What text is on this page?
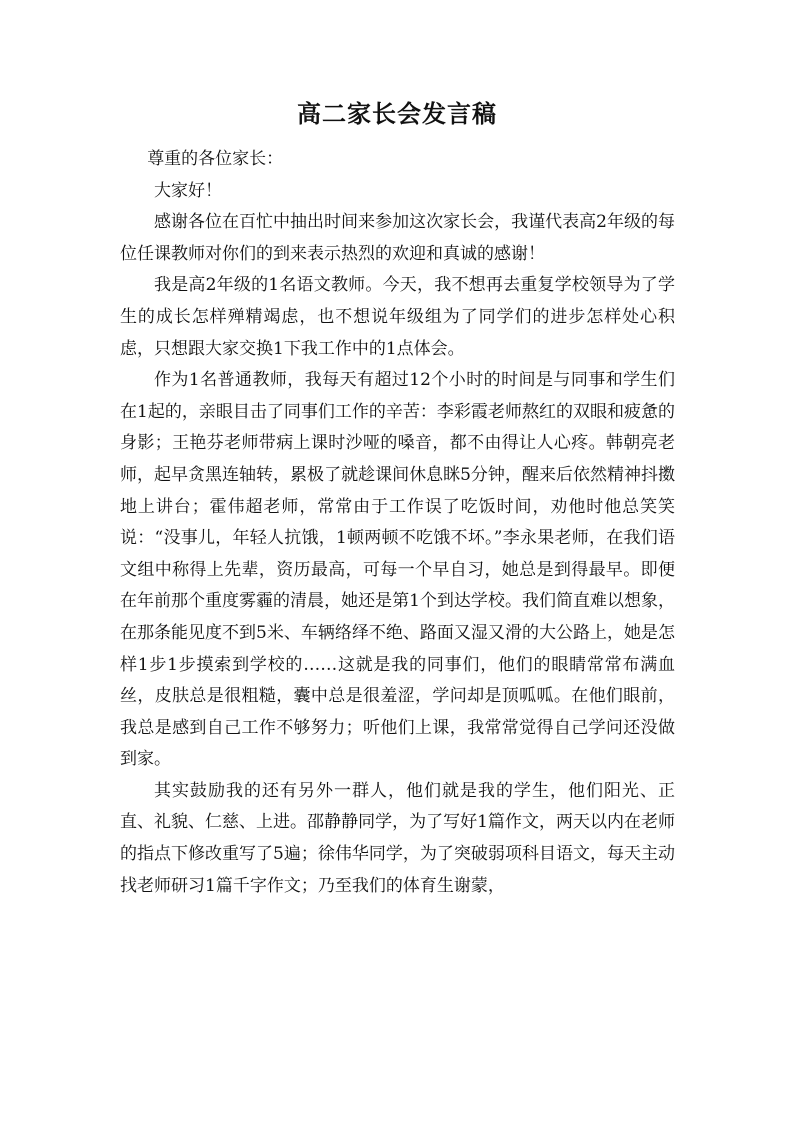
高二家长会发言稿

尊重的各位家长：

大家好！

感谢各位在百忙中抽出时间来参加这次家长会，我谨代表高2年级的每位任课教师对你们的到来表示热烈的欢迎和真诚的感谢！

我是高2年级的1名语文教师。今天，我不想再去重复学校领导为了学生的成长怎样殚精竭虑，也不想说年级组为了同学们的进步怎样处心积虑，只想跟大家交换1下我工作中的1点体会。

作为1名普通教师，我每天有超过12个小时的时间是与同事和学生们在1起的，亲眼目击了同事们工作的辛苦：李彩霞老师熬红的双眼和疲惫的身影；王艳芬老师带病上课时沙哑的嗓音，都不由得让人心疼。韩朝亮老师，起早贪黑连轴转，累极了就趁课间休息眯5分钟，醒来后依然精神抖擞地上讲台；霍伟超老师，常常由于工作误了吃饭时间，劝他时他总笑笑说：“没事儿，年轻人抗饿，1顿两顿不吃饿不坏。”李永果老师，在我们语文组中称得上先辈，资历最高，可每一个早自习，她总是到得最早。即便在年前那个重度雾霾的清晨，她还是第1个到达学校。我们简直难以想象，在那条能见度不到5米、车辆络绎不绝、路面又湿又滑的大公路上，她是怎样1步1步摸索到学校的……这就是我的同事们，他们的眼睛常常布满血丝，皮肤总是很粗糙，囊中总是很羞涩，学问却是顶呱呱。在他们眼前，我总是感到自己工作不够努力；听他们上课，我常常觉得自己学问还没做到家。

其实鼓励我的还有另外一群人，他们就是我的学生，他们阳光、正直、礼貌、仁慈、上进。邵静静同学，为了写好1篇作文，两天以内在老师的指点下修改重写了5遍；徐伟华同学，为了突破弱项科目语文，每天主动找老师研习1篇千字作文；乃至我们的体育生谢蒙，
